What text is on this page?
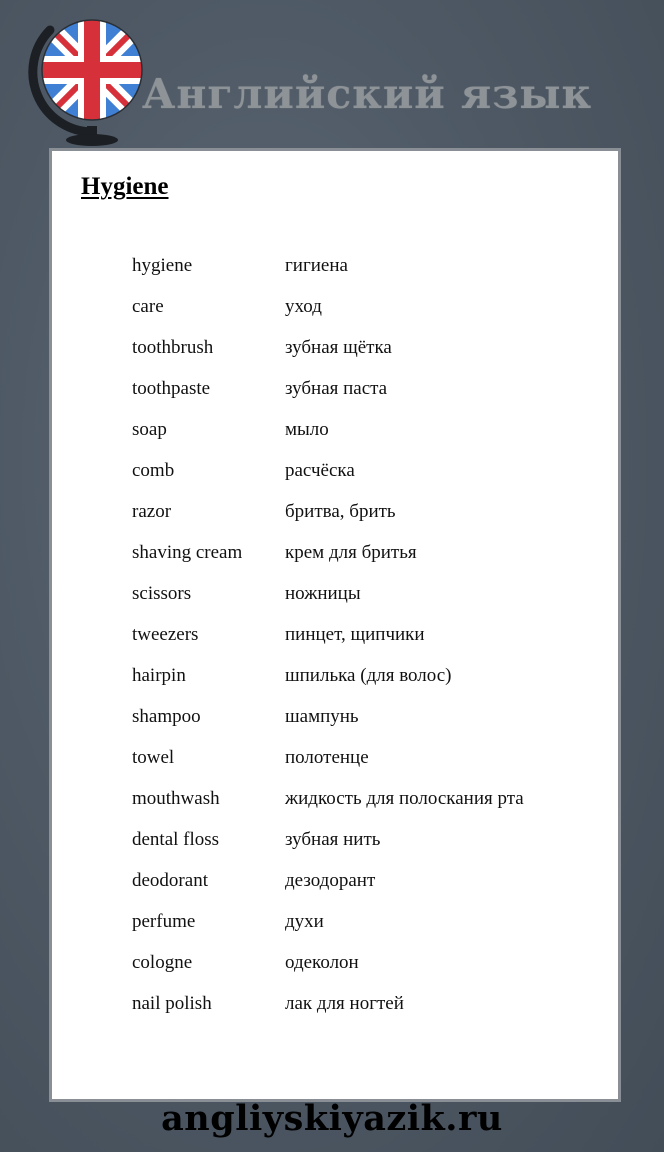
Английский язык
Hygiene
hygiene	гигиена
care	уход
toothbrush	зубная щётка
toothpaste	зубная паста
soap	мыло
comb	расчёска
razor	бритва, брить
shaving cream	крем для бритья
scissors	ножницы
tweezers	пинцет, щипчики
hairpin	шпилька (для волос)
shampoo	шампунь
towel	полотенце
mouthwash	жидкость для полоскания рта
dental floss	зубная нить
deodorant	дезодорант
perfume	духи
cologne	одеколон
nail polish	лак для ногтей
angliyskiyazik.ru
